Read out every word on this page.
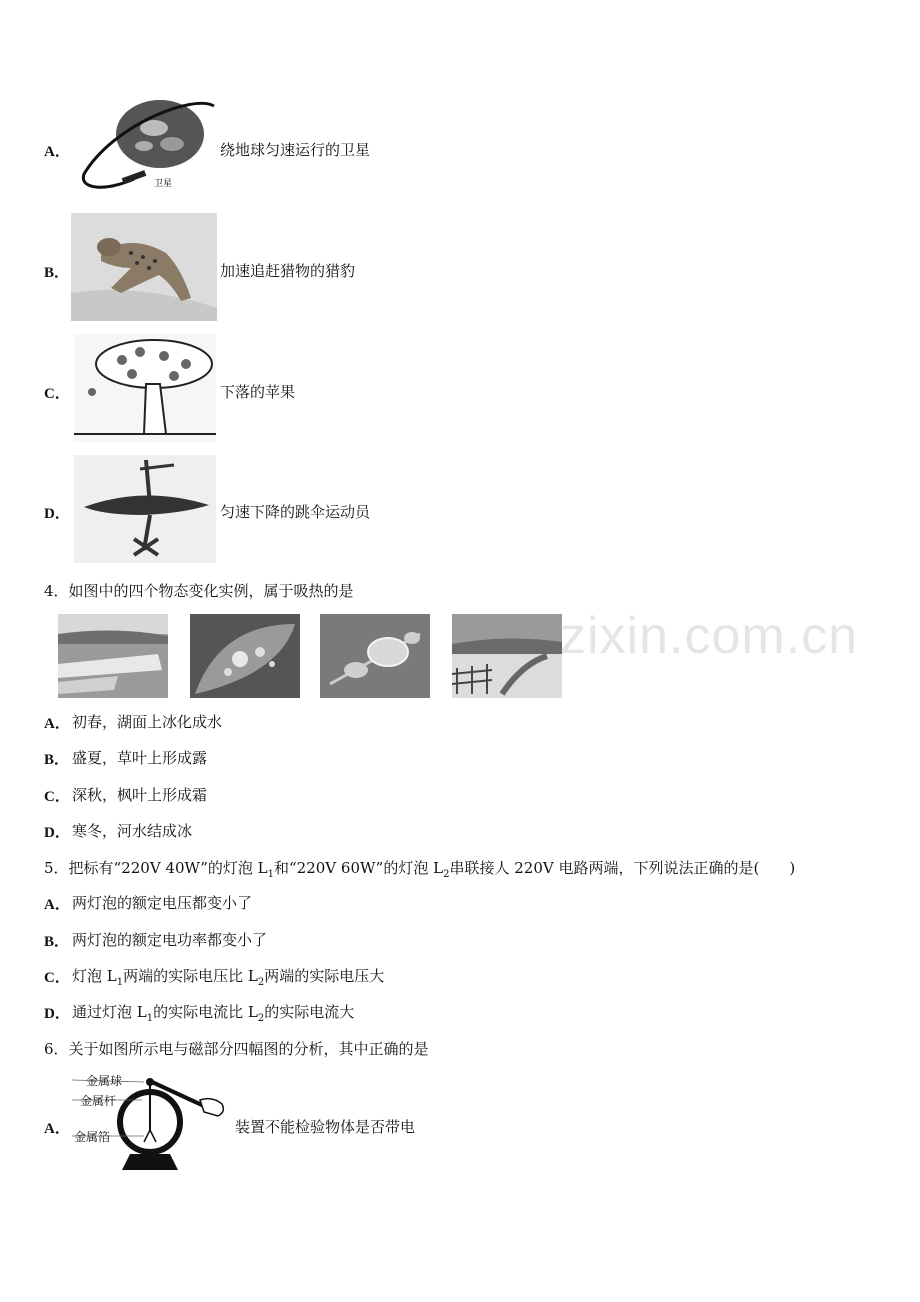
卫星
A．	绕地球匀速运行的卫星
B．	加速追赶猎物的猎豹
C．	下落的苹果
D．	匀速下降的跳伞运动员
4．如图中的四个物态变化实例，属于吸热的是
zixin.com.cn
A． 初春，湖面上冰化成水
B． 盛夏，草叶上形成露
C． 深秋，枫叶上形成霜
D． 寒冬，河水结成冰
5．把标有“220V 40W”的灯泡 $L_1$和“220V 60W”的灯泡 $L_2$串联接人 220V 电路两端，下列说法正确的是(　　)
A． 两灯泡的额定电压都变小了
B． 两灯泡的额定电功率都变小了
C． 灯泡 $L_1$两端的实际电压比 $L_2$两端的实际电压大
D． 通过灯泡 $L_1$的实际电流比 $L_2$的实际电流大
6．关于如图所示电与磁部分四幅图的分析，其中正确的是
金属球
金属杆
金属箔
A．	装置不能检验物体是否带电
